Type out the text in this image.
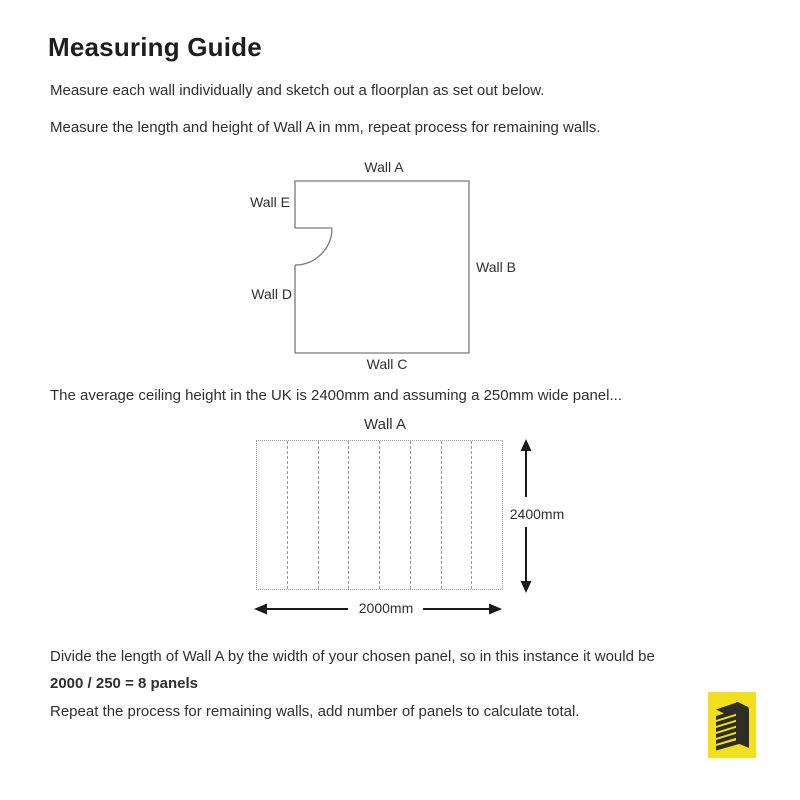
Measuring Guide
Measure each wall individually and sketch out a floorplan as set out below.
Measure the length and height of Wall A in mm, repeat process for remaining walls.
Wall A
Wall E
Wall B
Wall D
Wall C
The average ceiling height in the UK is 2400mm and assuming a 250mm wide panel...
Wall A
2400mm
2000mm
Divide the length of Wall A by the width of your chosen panel, so in this instance it would be
2000 / 250 = 8 panels
Repeat the process for remaining walls, add number of panels to calculate total.
